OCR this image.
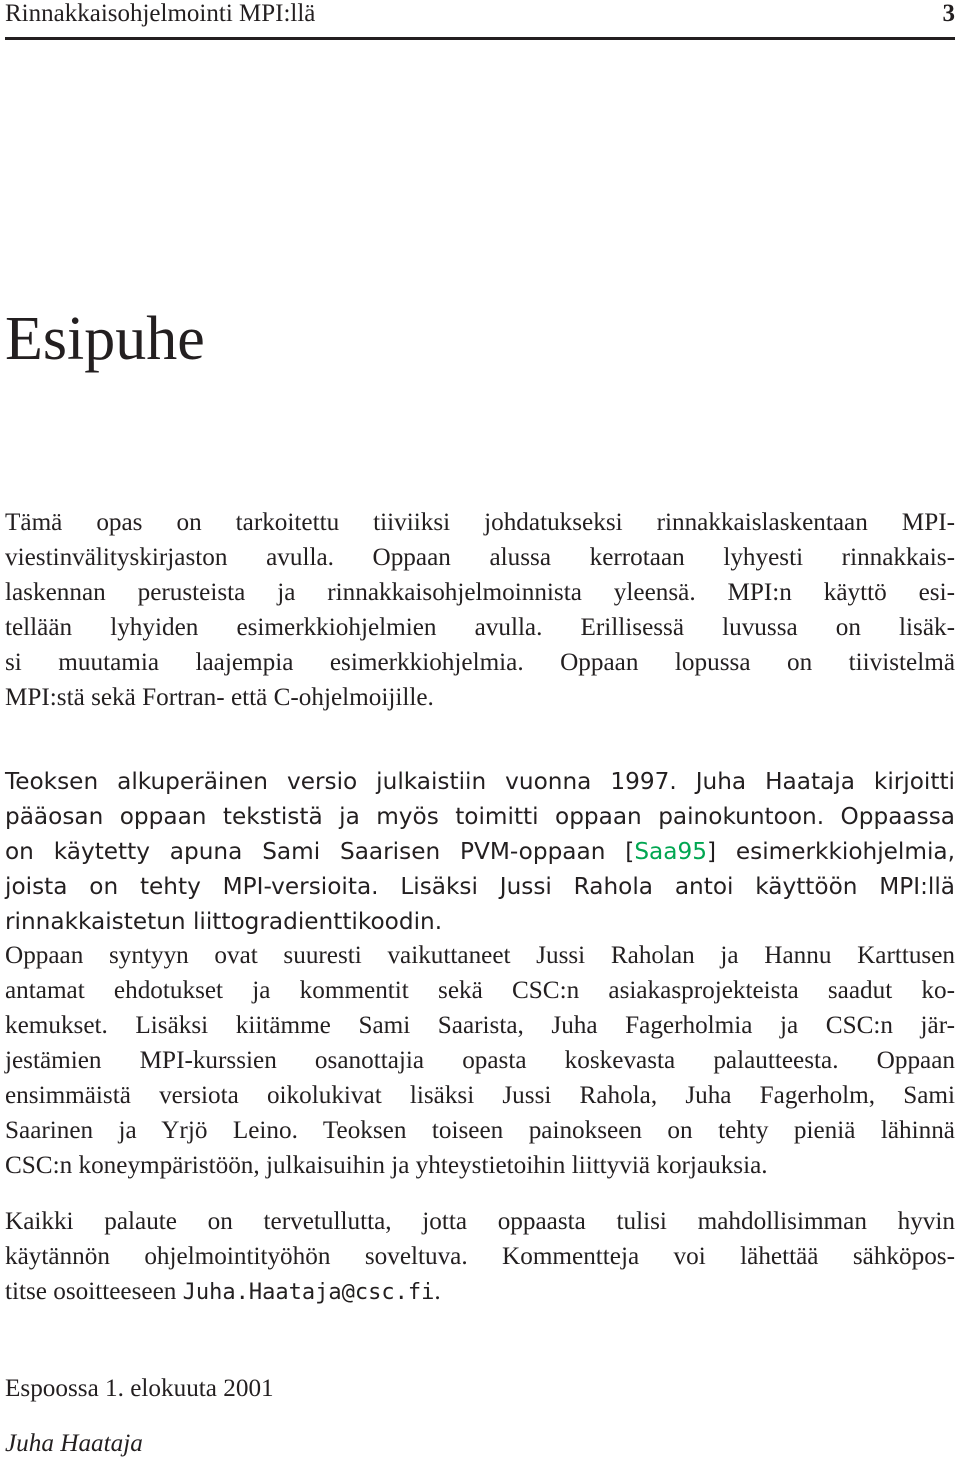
Rinnakkaisohjelmointi MPI:llä	3
Esipuhe

Tämä opas on tarkoitettu tiiviiksi johdatukseksi rinnakkaislaskentaan MPI-
viestinvälityskirjaston avulla. Oppaan alussa kerrotaan lyhyesti rinnakkais-
laskennan perusteista ja rinnakkaisohjelmoinnista yleensä. MPI:n käyttö esi-
tellään lyhyiden esimerkkiohjelmien avulla. Erillisessä luvussa on lisäk-
si muutamia laajempia esimerkkiohjelmia. Oppaan lopussa on tiivistelmä
MPI:stä sekä Fortran- että C-ohjelmoijille.

Teoksen alkuperäinen versio julkaistiin vuonna 1997. Juha Haataja kirjoitti
pääosan oppaan tekstistä ja myös toimitti oppaan painokuntoon. Oppaassa
on käytetty apuna Sami Saarisen PVM-oppaan [Saa95] esimerkkiohjelmia,
joista on tehty MPI-versioita. Lisäksi Jussi Rahola antoi käyttöön MPI:llä
rinnakkaistetun liittogradienttikoodin.

Oppaan syntyyn ovat suuresti vaikuttaneet Jussi Raholan ja Hannu Karttusen
antamat ehdotukset ja kommentit sekä CSC:n asiakasprojekteista saadut ko-
kemukset. Lisäksi kiitämme Sami Saarista, Juha Fagerholmia ja CSC:n jär-
jestämien MPI-kurssien osanottajia opasta koskevasta palautteesta. Oppaan
ensimmäistä versiota oikolukivat lisäksi Jussi Rahola, Juha Fagerholm, Sami
Saarinen ja Yrjö Leino. Teoksen toiseen painokseen on tehty pieniä lähinnä
CSC:n koneympäristöön, julkaisuihin ja yhteystietoihin liittyviä korjauksia.

Kaikki palaute on tervetullutta, jotta oppaasta tulisi mahdollisimman hyvin
käytännön ohjelmointityöhön soveltuva. Kommentteja voi lähettää sähköpos-
titse osoitteeseen Juha.Haataja@csc.fi.

Espoossa 1. elokuuta 2001
Juha Haataja
